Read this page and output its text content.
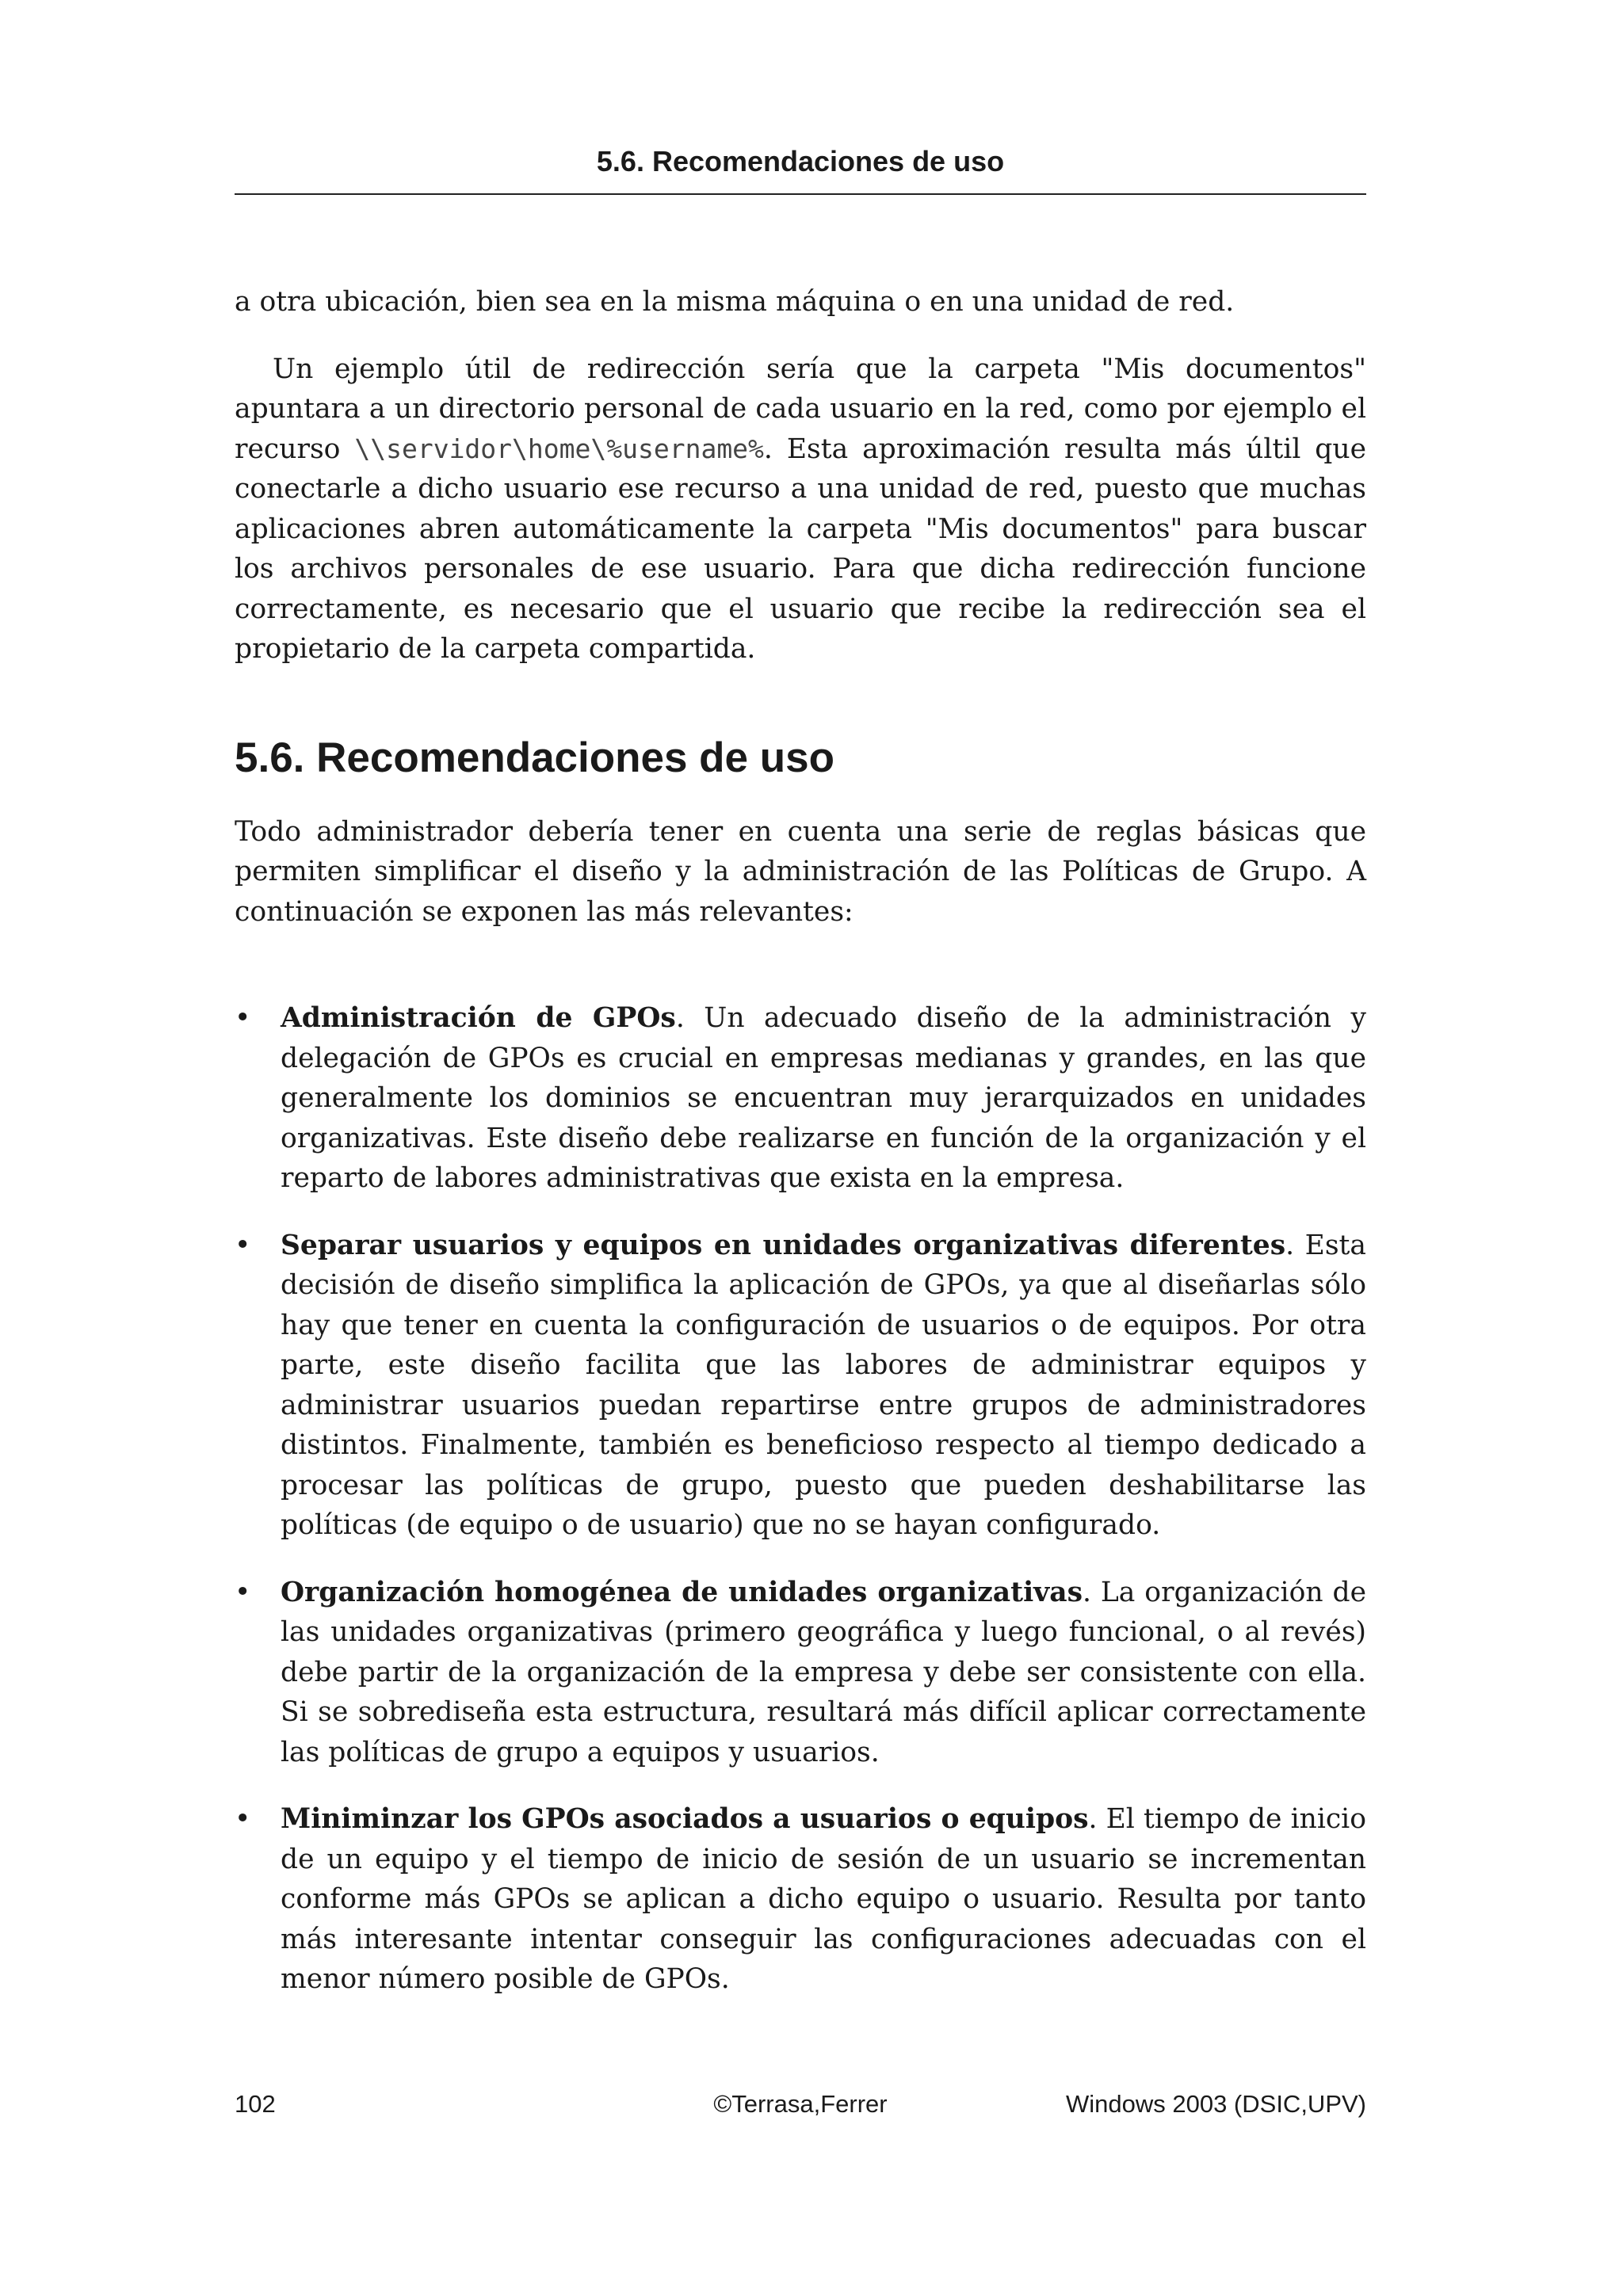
5.6. Recomendaciones de uso

a otra ubicación, bien sea en la misma máquina o en una unidad de red.

Un ejemplo útil de redirección sería que la carpeta "Mis documentos" apuntara a un directorio personal de cada usuario en la red, como por ejemplo el recurso \\servidor\home\%username%. Esta aproximación resulta más últil que conectarle a dicho usuario ese recurso a una unidad de red, puesto que muchas aplicaciones abren automáticamente la carpeta "Mis documentos" para buscar los archivos personales de ese usuario. Para que dicha redirección funcione correctamente, es necesario que el usuario que recibe la redirección sea el propietario de la carpeta compartida.

5.6. Recomendaciones de uso

Todo administrador debería tener en cuenta una serie de reglas básicas que permiten simplificar el diseño y la administración de las Políticas de Grupo. A continuación se exponen las más relevantes:

• Administración de GPOs. Un adecuado diseño de la administración y delegación de GPOs es crucial en empresas medianas y grandes, en las que generalmente los dominios se encuentran muy jerarquizados en unidades organizativas. Este diseño debe realizarse en función de la organización y el reparto de labores administrativas que exista en la empresa.
• Separar usuarios y equipos en unidades organizativas diferentes. Esta decisión de diseño simplifica la aplicación de GPOs, ya que al diseñarlas sólo hay que tener en cuenta la configuración de usuarios o de equipos. Por otra parte, este diseño facilita que las labores de administrar equipos y administrar usuarios puedan repartirse entre grupos de administradores distintos. Finalmente, también es beneficioso respecto al tiempo dedicado a procesar las políticas de grupo, puesto que pueden deshabilitarse las políticas (de equipo o de usuario) que no se hayan configurado.
• Organización homogénea de unidades organizativas. La organización de las unidades organizativas (primero geográfica y luego funcional, o al revés) debe partir de la organización de la empresa y debe ser consistente con ella. Si se sobrediseña esta estructura, resultará más difícil aplicar correctamente las políticas de grupo a equipos y usuarios.
• Miniminzar los GPOs asociados a usuarios o equipos. El tiempo de inicio de un equipo y el tiempo de inicio de sesión de un usuario se incrementan conforme más GPOs se aplican a dicho equipo o usuario. Resulta por tanto más interesante intentar conseguir las configuraciones adecuadas con el menor número posible de GPOs.
102	©Terrasa,Ferrer	Windows 2003 (DSIC,UPV)
